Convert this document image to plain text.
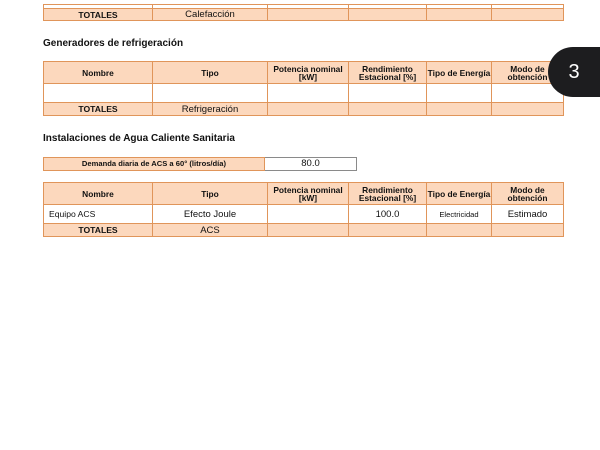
TOTALES	Calefacción				
Generadores de refrigeración
Nombre	Tipo	Potencia nominal [kW]	Rendimiento Estacional [%]	Tipo de Energía	Modo de obtención

TOTALES	Refrigeración				
Instalaciones de Agua Caliente Sanitaria
Demanda diaria de ACS a 60° (litros/día)	80.0
Nombre	Tipo	Potencia nominal [kW]	Rendimiento Estacional [%]	Tipo de Energía	Modo de obtención
Equipo ACS	Efecto Joule		100.0	Electricidad	Estimado
TOTALES	ACS				
3
